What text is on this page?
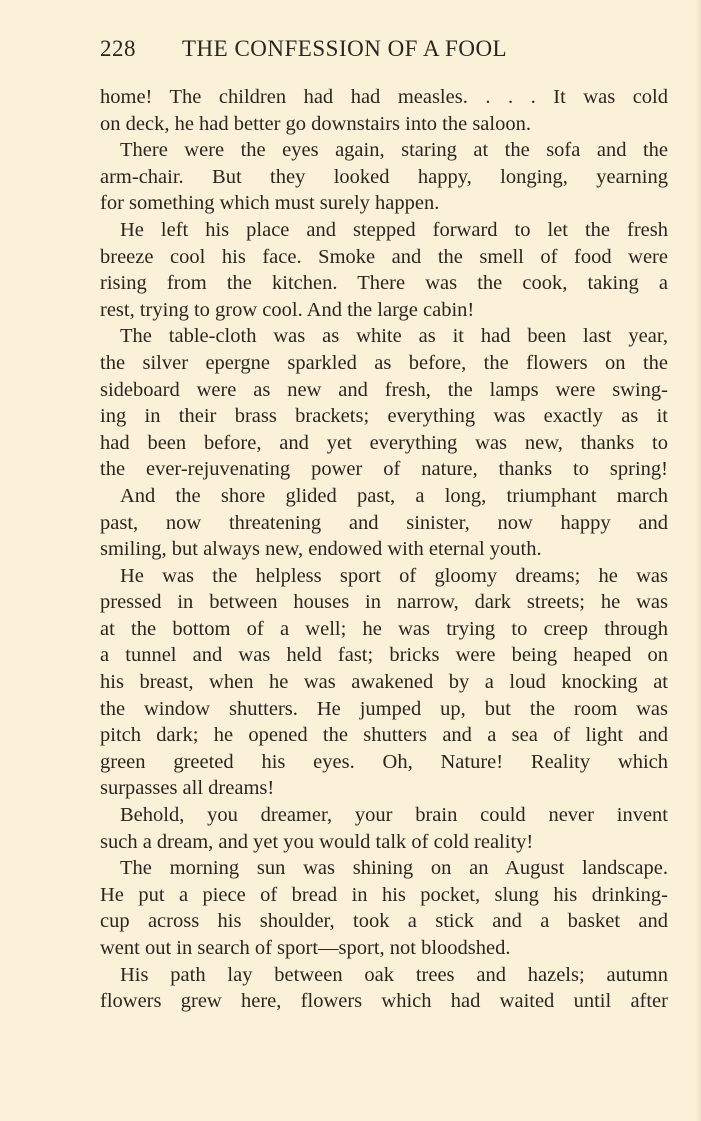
228 THE CONFESSION OF A FOOL
home! The children had had measles. . . . It was cold
on deck, he had better go downstairs into the saloon.
There were the eyes again, staring at the sofa and the
arm-chair. But they looked happy, longing, yearning
for something which must surely happen.
He left his place and stepped forward to let the fresh
breeze cool his face. Smoke and the smell of food were
rising from the kitchen. There was the cook, taking a
rest, trying to grow cool. And the large cabin!
The table-cloth was as white as it had been last year,
the silver epergne sparkled as before, the flowers on the
sideboard were as new and fresh, the lamps were swing-
ing in their brass brackets; everything was exactly as it
had been before, and yet everything was new, thanks to
the ever-rejuvenating power of nature, thanks to spring!
And the shore glided past, a long, triumphant march
past, now threatening and sinister, now happy and
smiling, but always new, endowed with eternal youth.
He was the helpless sport of gloomy dreams; he was
pressed in between houses in narrow, dark streets; he was
at the bottom of a well; he was trying to creep through
a tunnel and was held fast; bricks were being heaped on
his breast, when he was awakened by a loud knocking at
the window shutters. He jumped up, but the room was
pitch dark; he opened the shutters and a sea of light and
green greeted his eyes. Oh, Nature! Reality which
surpasses all dreams!
Behold, you dreamer, your brain could never invent
such a dream, and yet you would talk of cold reality!
The morning sun was shining on an August landscape.
He put a piece of bread in his pocket, slung his drinking-
cup across his shoulder, took a stick and a basket and
went out in search of sport—sport, not bloodshed.
His path lay between oak trees and hazels; autumn
flowers grew here, flowers which had waited until after
